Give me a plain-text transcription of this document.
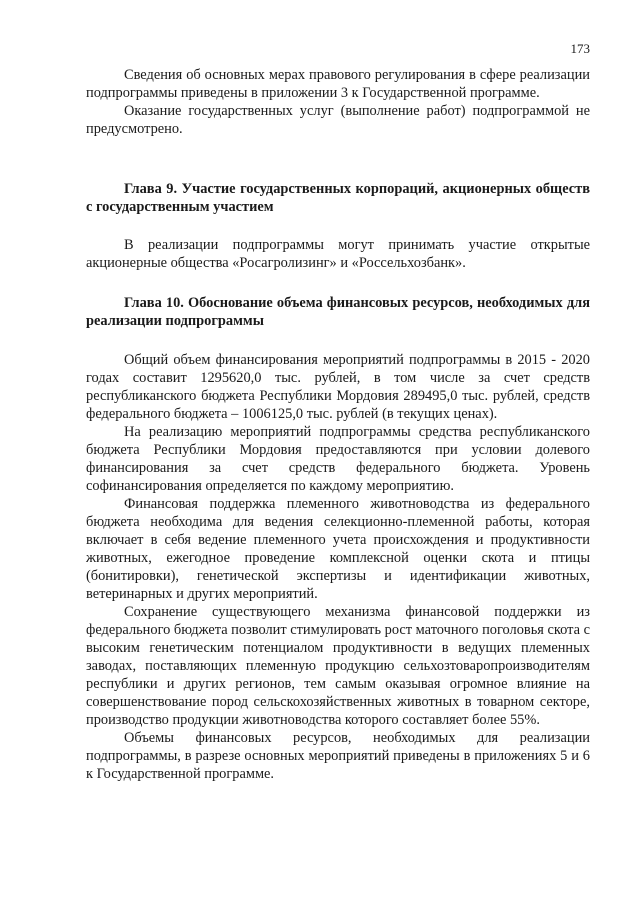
173

Сведения об основных мерах правового регулирования в сфере реализации подпрограммы приведены в приложении 3 к Государственной программе.

Оказание государственных услуг (выполнение работ) подпрограммой не предусмотрено.

Глава 9. Участие государственных корпораций, акционерных обществ с государственным участием

В реализации подпрограммы могут принимать участие открытые акционерные общества «Росагролизинг» и «Россельхозбанк».

Глава 10. Обоснование объема финансовых ресурсов, необходимых для реализации подпрограммы

Общий объем финансирования мероприятий подпрограммы в 2015 - 2020 годах составит 1295620,0 тыс. рублей, в том числе за счет средств республиканского бюджета Республики Мордовия 289495,0 тыс. рублей, средств федерального бюджета – 1006125,0 тыс. рублей (в текущих ценах).

На реализацию мероприятий подпрограммы средства республиканского бюджета Республики Мордовия предоставляются при условии долевого финансирования за счет средств федерального бюджета. Уровень софинансирования определяется по каждому мероприятию.

Финансовая поддержка племенного животноводства из федерального бюджета необходима для ведения селекционно-племенной работы, которая включает в себя ведение племенного учета происхождения и продуктивности животных, ежегодное проведение комплексной оценки скота и птицы (бонитировки), генетической экспертизы и идентификации животных, ветеринарных и других мероприятий.

Сохранение существующего механизма финансовой поддержки из федерального бюджета позволит стимулировать рост маточного поголовья скота с высоким генетическим потенциалом продуктивности в ведущих племенных заводах, поставляющих племенную продукцию сельхозтоваропроизводителям республики и других регионов, тем самым оказывая огромное влияние на совершенствование пород сельскохозяйственных животных в товарном секторе, производство продукции животноводства которого составляет более 55%.

Объемы финансовых ресурсов, необходимых для реализации подпрограммы, в разрезе основных мероприятий приведены в приложениях 5 и 6 к Государственной программе.
